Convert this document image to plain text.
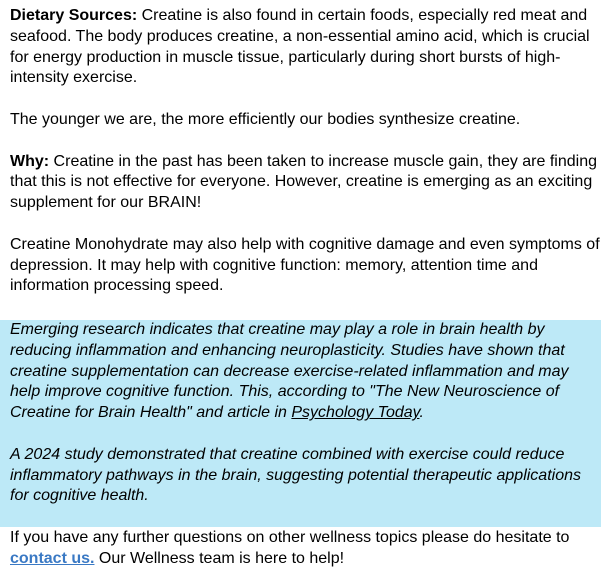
Dietary Sources: Creatine is also found in certain foods, especially red meat and seafood. The body produces creatine, a non-essential amino acid, which is crucial for energy production in muscle tissue, particularly during short bursts of high-intensity exercise.

The younger we are, the more efficiently our bodies synthesize creatine.

Why: Creatine in the past has been taken to increase muscle gain, they are finding that this is not effective for everyone. However, creatine is emerging as an exciting supplement for our BRAIN!

Creatine Monohydrate may also help with cognitive damage and even symptoms of depression. It may help with cognitive function: memory, attention time and information processing speed.

Emerging research indicates that creatine may play a role in brain health by reducing inflammation and enhancing neuroplasticity. Studies have shown that creatine supplementation can decrease exercise-related inflammation and may help improve cognitive function. This, according to "The New Neuroscience of Creatine for Brain Health" and article in Psychology Today.

A 2024 study demonstrated that creatine combined with exercise could reduce inflammatory pathways in the brain, suggesting potential therapeutic applications for cognitive health.

If you have any further questions on other wellness topics please do hesitate to contact us. Our Wellness team is here to help!
